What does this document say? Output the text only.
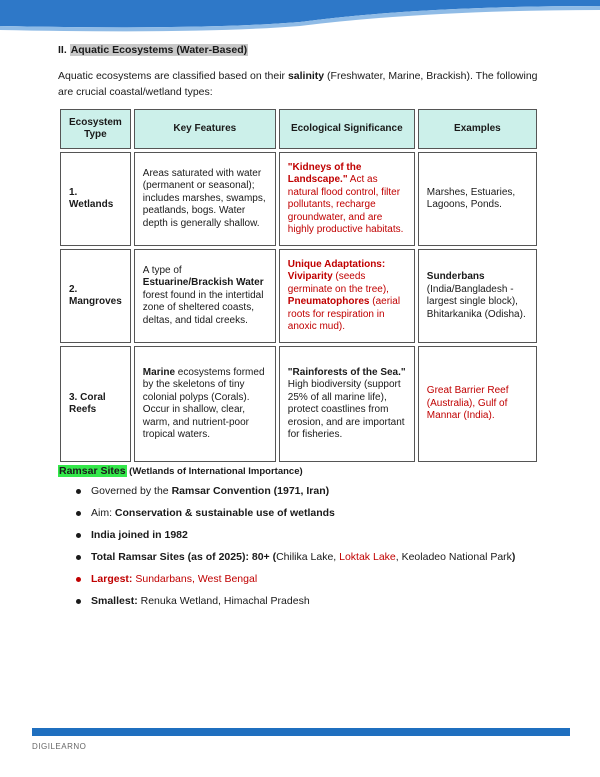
II. Aquatic Ecosystems (Water-Based)

Aquatic ecosystems are classified based on their salinity (Freshwater, Marine, Brackish). The following are crucial coastal/wetland types:

Ecosystem Type	Key Features	Ecological Significance	Examples
1. Wetlands	Areas saturated with water (permanent or seasonal); includes marshes, swamps, peatlands, bogs. Water depth is generally shallow.	"Kidneys of the Landscape." Act as natural flood control, filter pollutants, recharge groundwater, and are highly productive habitats.	Marshes, Estuaries, Lagoons, Ponds.
2. Mangroves	A type of Estuarine/Brackish Water forest found in the intertidal zone of sheltered coasts, deltas, and tidal creeks.	Unique Adaptations: Viviparity (seeds germinate on the tree), Pneumatophores (aerial roots for respiration in anoxic mud).	Sunderbans (India/Bangladesh - largest single block), Bhitarkanika (Odisha).
3. Coral Reefs	Marine ecosystems formed by the skeletons of tiny colonial polyps (Corals). Occur in shallow, clear, warm, and nutrient-poor tropical waters.	"Rainforests of the Sea." High biodiversity (support 25% of all marine life), protect coastlines from erosion, and are important for fisheries.	Great Barrier Reef (Australia), Gulf of Mannar (India).

Ramsar Sites (Wetlands of International Importance)

Governed by the Ramsar Convention (1971, Iran)
Aim: Conservation & sustainable use of wetlands
India joined in 1982
Total Ramsar Sites (as of 2025): 80+ (Chilika Lake, Loktak Lake, Keoladeo National Park)
Largest: Sundarbans, West Bengal
Smallest: Renuka Wetland, Himachal Pradesh

DIGILEARNO
